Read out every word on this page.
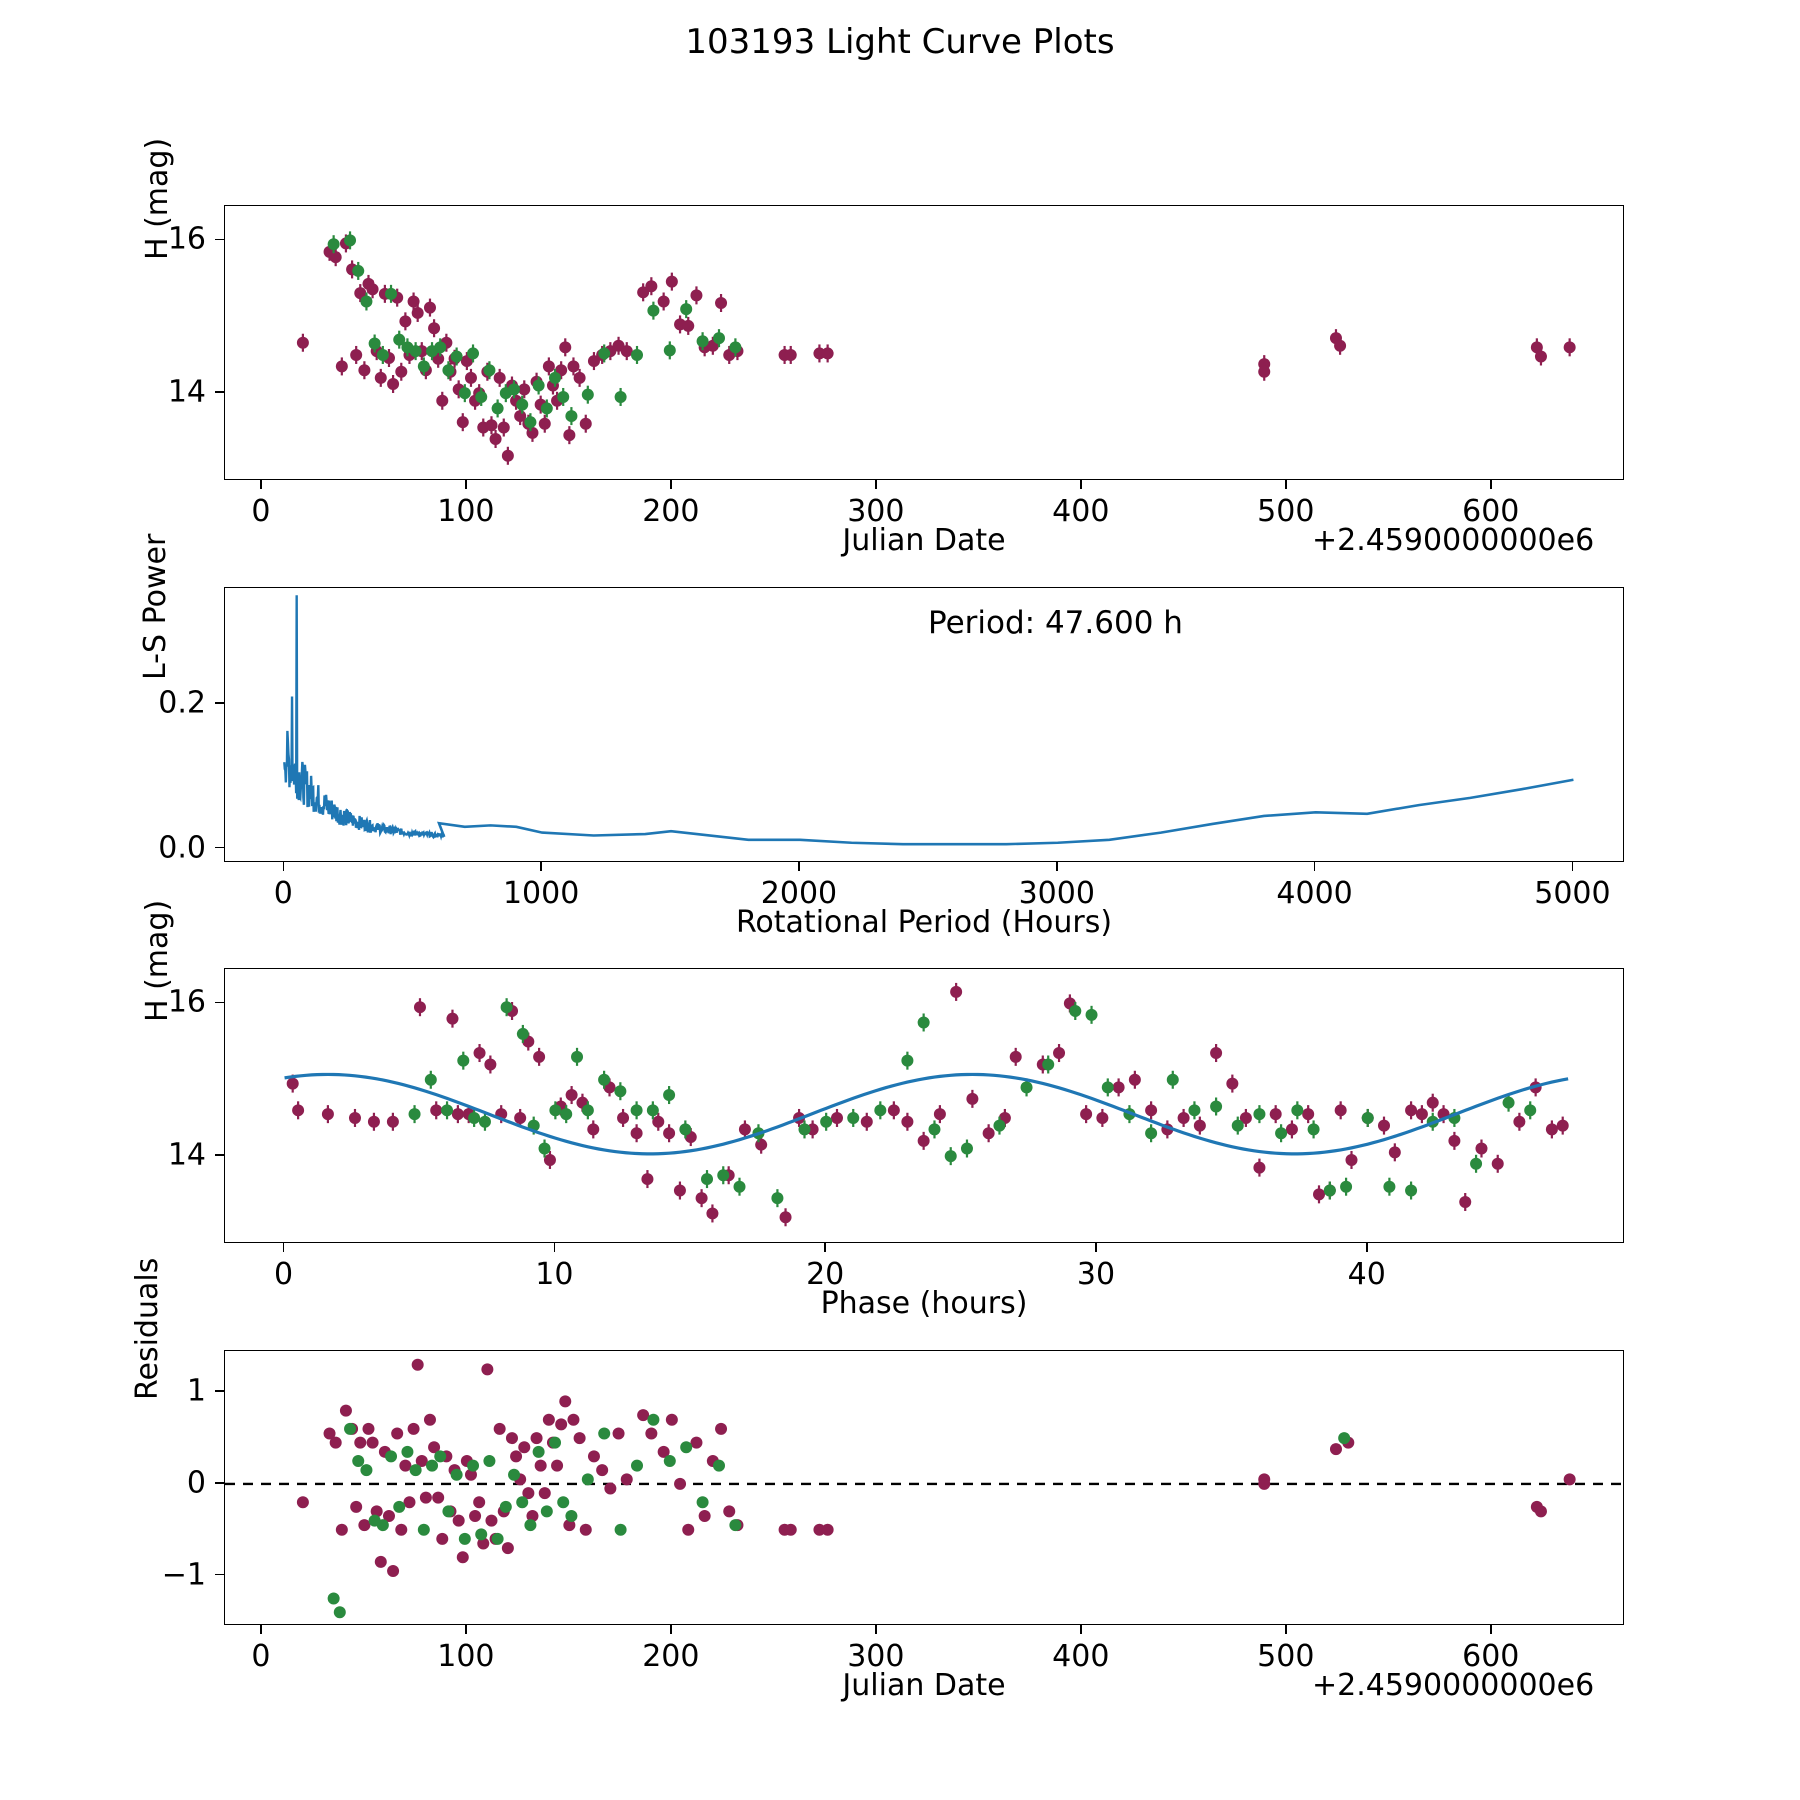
103193 Light Curve Plots
H (mag)
Julian Date	+2.4590000000e6
L-S Power
Rotational Period (Hours)
Period: 47.600 h
H (mag)
Phase (hours)
Residuals
Julian Date	+2.4590000000e6
0	100	200	300	400	500	600
16
14
0	1000	2000	3000	4000	5000
0.2
0.0
0	10	20	30	40
16
14
0	100	200	300	400	500	600
1
0
−1
